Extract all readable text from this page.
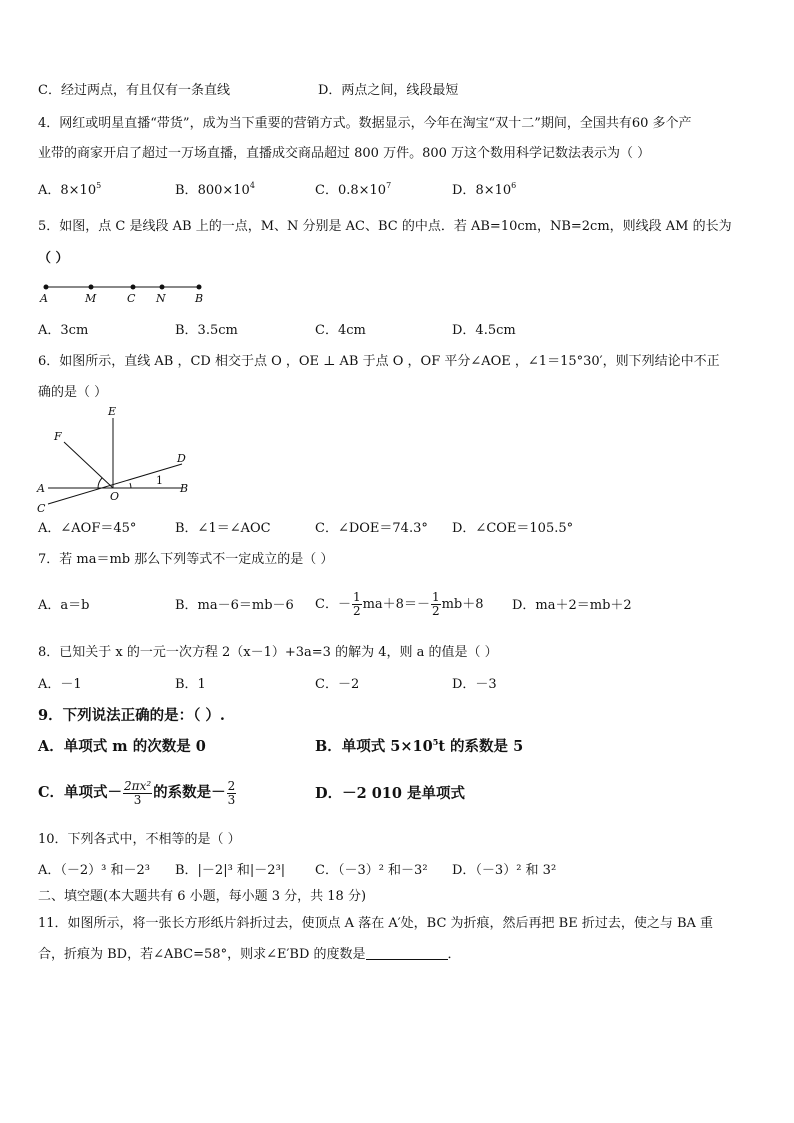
C．经过两点，有且仅有一条直线	D．两点之间，线段最短
4．网红或明星直播“带货”，成为当下重要的营销方式。数据显示，今年在淘宝“双十二”期间，全国共有60 多个产
业带的商家开启了超过一万场直播，直播成交商品超过 800 万件。800 万这个数用科学记数法表示为（ ）
A．$8\times 10^5$	B．$800\times 10^4$	C．$0.8\times 10^7$	D．$8\times 10^6$
5．如图，点 C 是线段 AB 上的一点，M、N 分别是 AC、BC 的中点．若 AB=10cm，NB=2cm，则线段 AM 的长为
（ ）
A	M	C N	B
A．3cm	B．3.5cm	C．4cm	D．4.5cm
6．如图所示，直线 AB ，CD 相交于点 O ，OE ⊥ AB 于点 O ，OF 平分∠AOE ，∠1＝15°30′，则下列结论中不正
确的是（ ）
E
F
D
A
O
B
C
1
A．∠AOF＝45°	B．∠1＝∠AOC	C．∠DOE＝74.3° D．∠COE＝105.5°
7．若 ma＝mb 那么下列等式不一定成立的是（ ）
A．a＝b	B．ma－6＝mb－6 C．－ $\frac{1}{2} ma+8=- \frac{1}{2} mb+8$ D．ma＋2＝mb＋2
8．已知关于 x 的一元一次方程 2（x－1）+3a=3 的解为 4，则 a 的值是（ ）
A．－1	B．1	C．－2	D．－3
9．下列说法正确的是：（ ）.
A．单项式 m 的次数是 0	B．单项式 $5\times 10^5t$ 的系数是 5
C．单项式－ $\frac{\text{2πx²}}{3}$ 的系数是－ $\frac{2}{3}$	D．－2 010 是单项式
10．下列各式中，不相等的是（ ）
A．（－2）³ 和－2³ B．|－2|³ 和|－2³| C．（－3）² 和－3² D．（－3）² 和 3²
二、填空题(本大题共有 6 小题，每小题 3 分，共 18 分)
11．如图所示，将一张长方形纸片斜折过去，使顶点 A 落在 A′处，BC 为折痕，然后再把 BE 折过去，使之与 BA 重
合，折痕为 BD，若∠ABC=58°，则求∠E′BD 的度数是	．
